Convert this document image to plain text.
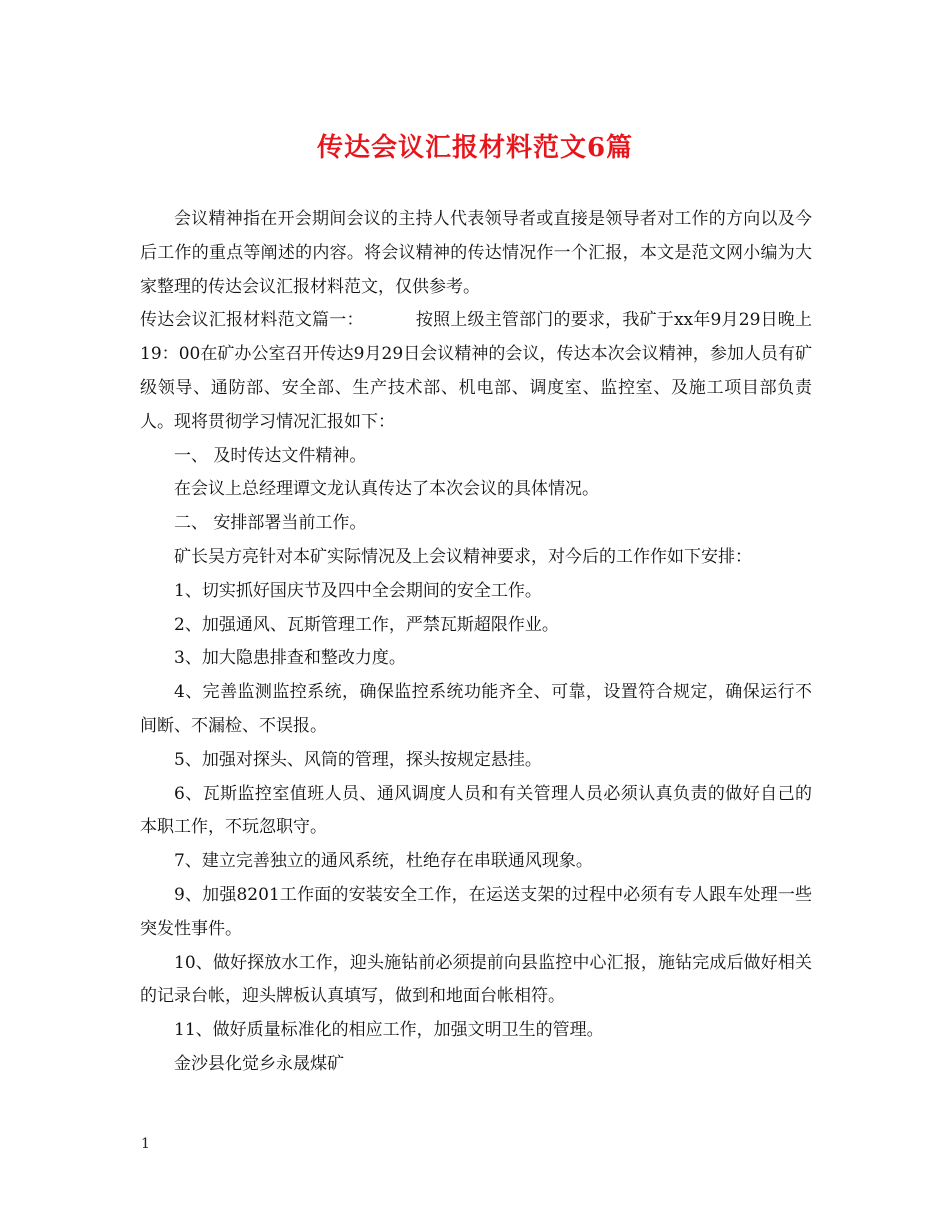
传达会议汇报材料范文6篇

会议精神指在开会期间会议的主持人代表领导者或直接是领导者对工作的方向以及今后工作的重点等阐述的内容。将会议精神的传达情况作一个汇报，本文是范文网小编为大家整理的传达会议汇报材料范文，仅供参考。

传达会议汇报材料范文篇一：	按照上级主管部门的要求，我矿于xx年9月29日晚上19：00在矿办公室召开传达9月29日会议精神的会议，传达本次会议精神，参加人员有矿级领导、通防部、安全部、生产技术部、机电部、调度室、监控室、及施工项目部负责人。现将贯彻学习情况汇报如下：

一、 及时传达文件精神。

在会议上总经理谭文龙认真传达了本次会议的具体情况。

二、 安排部署当前工作。

矿长吴方亮针对本矿实际情况及上会议精神要求，对今后的工作作如下安排：

1、切实抓好国庆节及四中全会期间的安全工作。

2、加强通风、瓦斯管理工作，严禁瓦斯超限作业。

3、加大隐患排查和整改力度。

4、完善监测监控系统，确保监控系统功能齐全、可靠，设置符合规定，确保运行不间断、不漏检、不误报。

5、加强对探头、风筒的管理，探头按规定悬挂。

6、瓦斯监控室值班人员、通风调度人员和有关管理人员必须认真负责的做好自己的本职工作，不玩忽职守。

7、建立完善独立的通风系统，杜绝存在串联通风现象。

9、加强8201工作面的安装安全工作，在运送支架的过程中必须有专人跟车处理一些突发性事件。

10、做好探放水工作，迎头施钻前必须提前向县监控中心汇报，施钻完成后做好相关的记录台帐，迎头牌板认真填写，做到和地面台帐相符。

11、做好质量标准化的相应工作，加强文明卫生的管理。

金沙县化觉乡永晟煤矿

1
